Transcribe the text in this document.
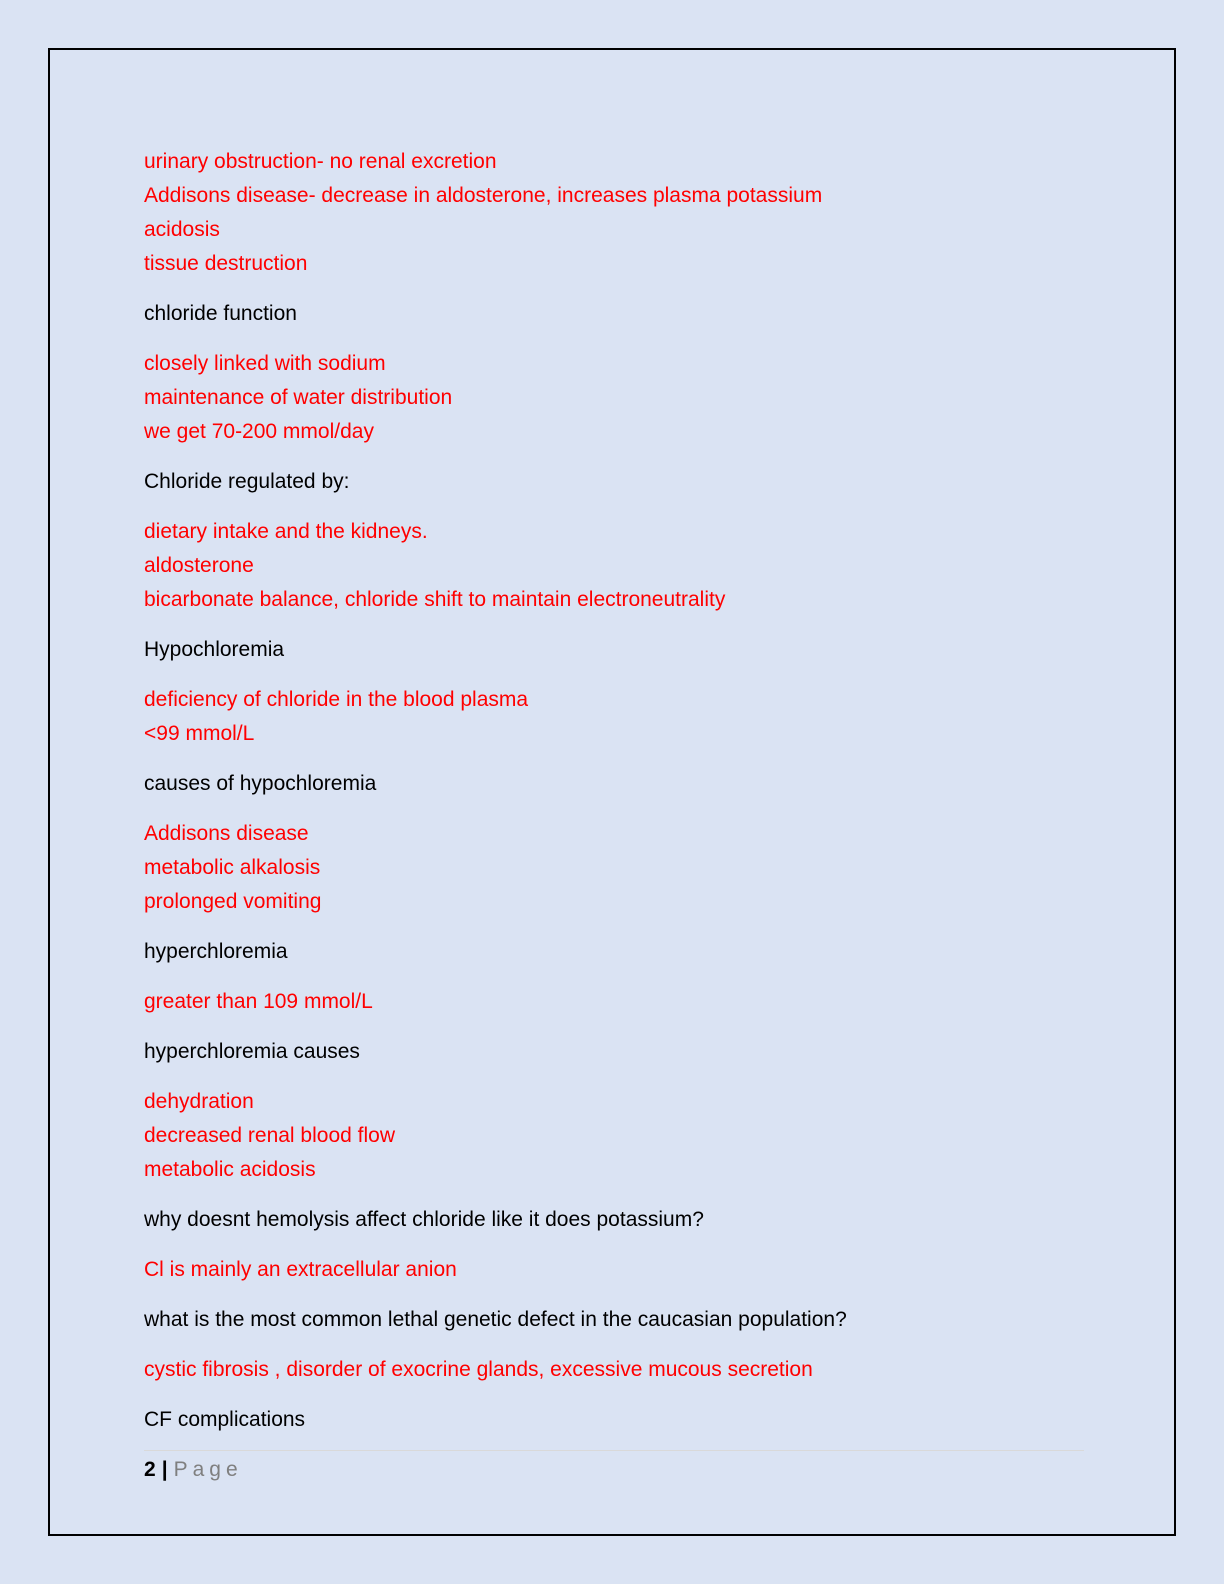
urinary obstruction- no renal excretion
Addisons disease- decrease in aldosterone, increases plasma potassium
acidosis
tissue destruction
chloride function
closely linked with sodium
maintenance of water distribution
we get 70-200 mmol/day
Chloride regulated by:
dietary intake and the kidneys.
aldosterone
bicarbonate balance, chloride shift to maintain electroneutrality
Hypochloremia
deficiency of chloride in the blood plasma
<99 mmol/L
causes of hypochloremia
Addisons disease
metabolic alkalosis
prolonged vomiting
hyperchloremia
greater than 109 mmol/L
hyperchloremia causes
dehydration
decreased renal blood flow
metabolic acidosis
why doesnt hemolysis affect chloride like it does potassium?
Cl is mainly an extracellular anion
what is the most common lethal genetic defect in the caucasian population?
cystic fibrosis , disorder of exocrine glands, excessive mucous secretion
CF complications
2 | Page
